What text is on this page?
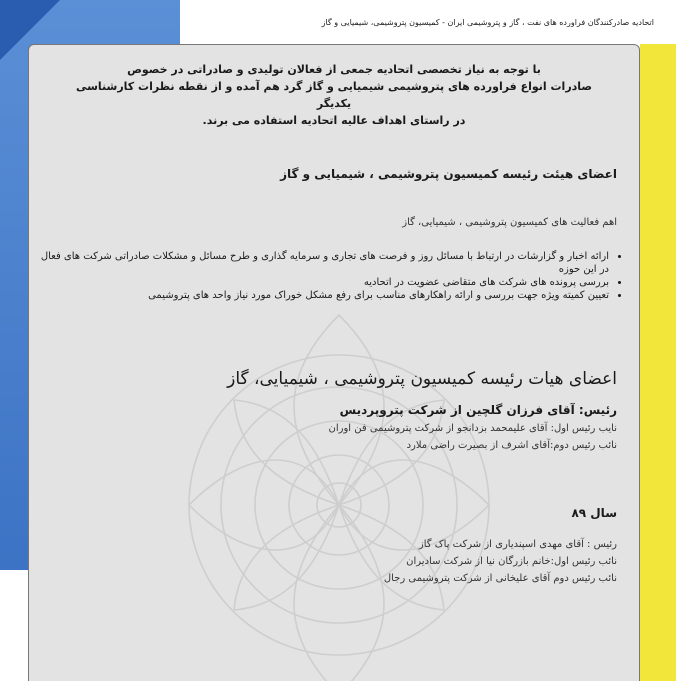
اتحادیه صادرکنندگان فراورده های نفت ، گاز و پتروشیمی ایران - کمیسیون پتروشیمی، شیمیایی و گاز
با توجه به نیاز تخصصی اتحادیه جمعی از فعالان تولیدی و صادراتی در خصوص
صادرات انواع فراورده های پتروشیمی شیمیایی و گاز گرد هم آمده و از نقطه نظرات کارشناسی یکدیگر
در راستای اهداف عالیه اتحادیه استفاده می برند.
اعضای هیئت رئیسه کمیسیون پتروشیمی ، شیمیایی و گاز
اهم فعالیت های کمیسیون پتروشیمی ، شیمیایی، گاز
• ارائه اخبار و گزارشات در ارتباط با مسائل روز و فرصت های تجاری و سرمایه گذاری و طرح مسائل و مشکلات صادراتی شرکت های فعال در این حوزه
• بررسی پرونده های شرکت های متقاضی عضویت در اتحادیه
• تعیین کمیته ویژه جهت بررسی و ارائه راهکارهای مناسب برای رفع مشکل خوراک مورد نیاز واحد های پتروشیمی
اعضای هیات رئیسه کمیسیون پتروشیمی ، شیمیایی، گاز
رئیس: آقای فرزان گلچین از شرکت پتروپردیس
نایب رئیس اول: آقای علیمحمد بزدانجو از شرکت پتروشیمی فن اوران
نائب رئیس دوم:آقای اشرف از بصیرت راضی ملارد
سال ۸۹
رئیس : آقای مهدی اسپندیاری از شرکت پاک گاز
نائب رئیس اول:خانم بازرگان نیا از شرکت سادیران
نائب رئیس دوم آقای علیخانی از شرکت پتروشیمی رجال
